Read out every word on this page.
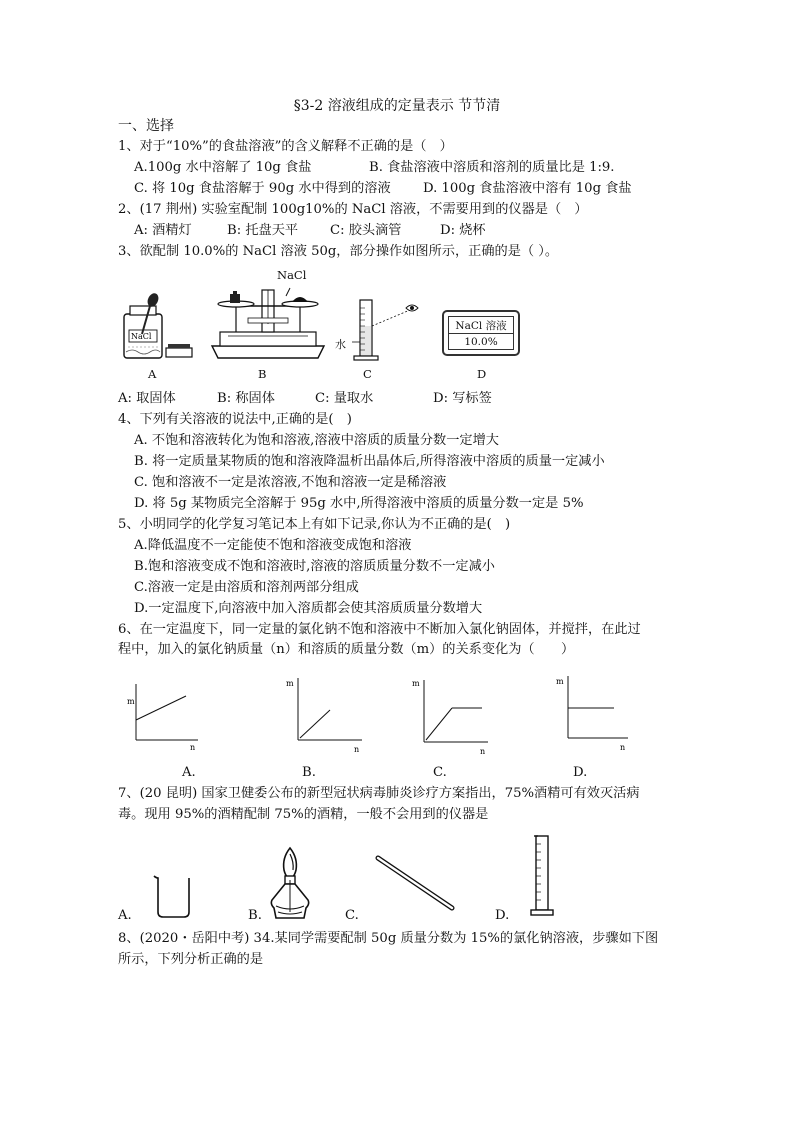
§3-2 溶液组成的定量表示 节节清
一、选择
1、对于“10%”的食盐溶液”的含义解释不正确的是（　）
A.100g 水中溶解了 10g 食盐	B. 食盐溶液中溶质和溶剂的质量比是 1:9.
C. 将 10g 食盐溶解于 90g 水中得到的溶液 D. 100g 食盐溶液中溶有 10g 食盐
2、(17 荆州) 实验室配制 100g10%的 NaCl 溶液，不需要用到的仪器是（　）
A: 酒精灯	B: 托盘天平 C: 胶头滴管	D: 烧杯
3、欲配制 10.0%的 NaCl 溶液 50g，部分操作如图所示，正确的是（ ）。
NaCl
A
NaCl
B
水
C
NaCl 溶液
10.0%
D
A: 取固体	B: 称固体	C: 量取水	D: 写标签
4、下列有关溶液的说法中,正确的是(　)
A. 不饱和溶液转化为饱和溶液,溶液中溶质的质量分数一定增大
B. 将一定质量某物质的饱和溶液降温析出晶体后,所得溶液中溶质的质量一定减小
C. 饱和溶液不一定是浓溶液,不饱和溶液一定是稀溶液
D. 将 5g 某物质完全溶解于 95g 水中,所得溶液中溶质的质量分数一定是 5%
5、小明同学的化学复习笔记本上有如下记录,你认为不正确的是(　)
A.降低温度不一定能使不饱和溶液变成饱和溶液
B.饱和溶液变成不饱和溶液时,溶液的溶质质量分数不一定减小
C.溶液一定是由溶质和溶剂两部分组成
D.一定温度下,向溶液中加入溶质都会使其溶质质量分数增大
6、在一定温度下，同一定量的氯化钠不饱和溶液中不断加入氯化钠固体，并搅拌，在此过
程中，加入的氯化钠质量（n）和溶质的质量分数（m）的关系变化为（　　）
m
n
m
n
m
n
m
n
A.	B.	C.	D.
7、(20 昆明) 国家卫健委公布的新型冠状病毒肺炎诊疗方案指出，75%酒精可有效灭活病
毒。现用 95%的酒精配制 75%的酒精，一般不会用到的仪器是
A.	B.	C.	D.
8、(2020・岳阳中考) 34.某同学需要配制 50g 质量分数为 15%的氯化钠溶液，步骤如下图
所示，下列分析正确的是
